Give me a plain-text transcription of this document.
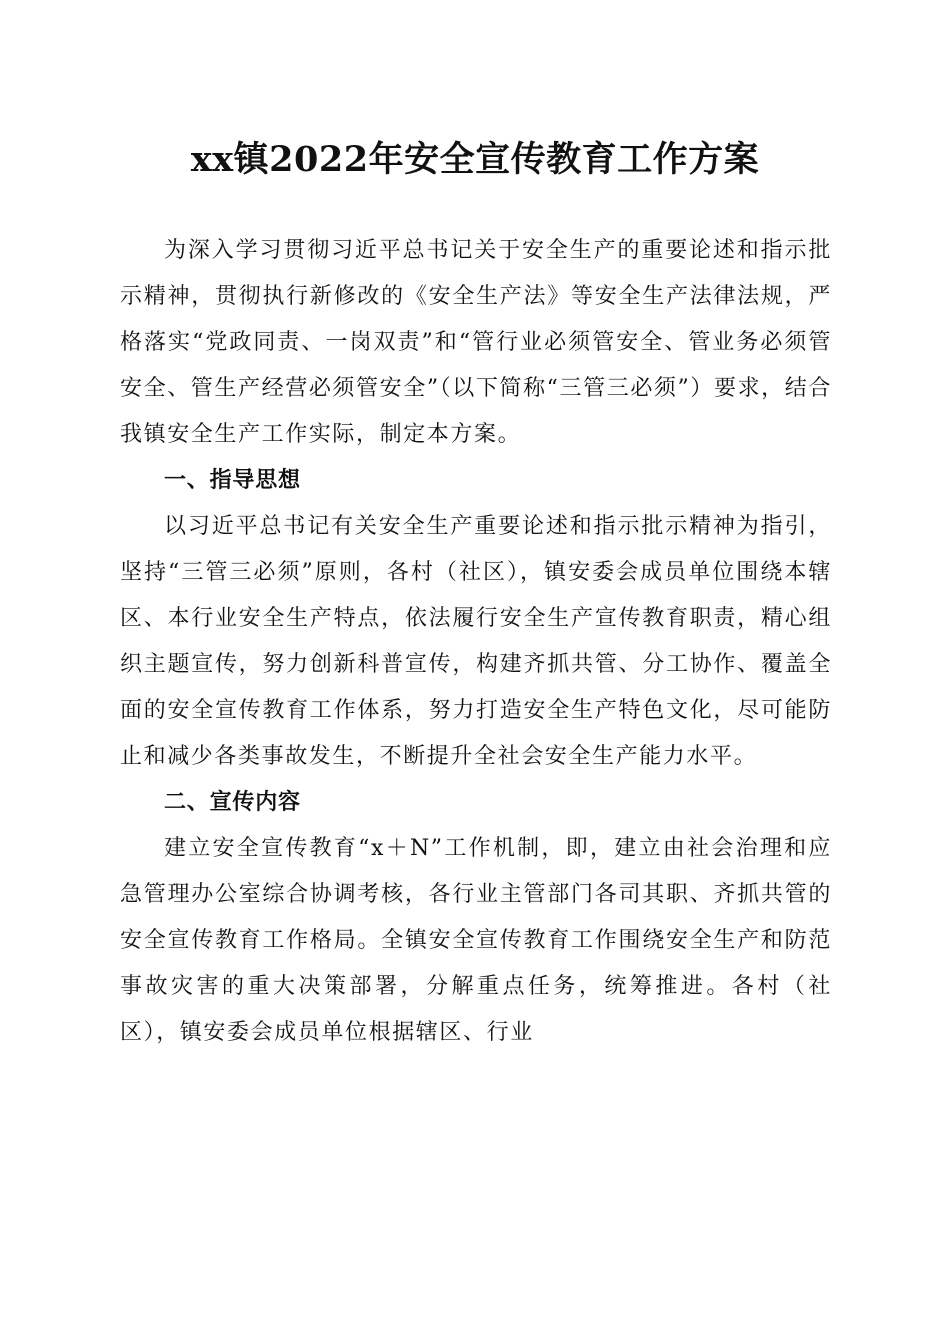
xx镇2022年安全宣传教育工作方案

为深入学习贯彻习近平总书记关于安全生产的重要论述和指示批示精神，贯彻执行新修改的《安全生产法》等安全生产法律法规，严格落实“党政同责、一岗双责”和“管行业必须管安全、管业务必须管安全、管生产经营必须管安全”（以下简称“三管三必须”）要求，结合我镇安全生产工作实际，制定本方案。

一、指导思想

以习近平总书记有关安全生产重要论述和指示批示精神为指引，坚持“三管三必须”原则，各村（社区），镇安委会成员单位围绕本辖区、本行业安全生产特点，依法履行安全生产宣传教育职责，精心组织主题宣传，努力创新科普宣传，构建齐抓共管、分工协作、覆盖全面的安全宣传教育工作体系，努力打造安全生产特色文化，尽可能防止和减少各类事故发生，不断提升全社会安全生产能力水平。

二、宣传内容

建立安全宣传教育“x＋N”工作机制，即，建立由社会治理和应急管理办公室综合协调考核，各行业主管部门各司其职、齐抓共管的安全宣传教育工作格局。全镇安全宣传教育工作围绕安全生产和防范事故灾害的重大决策部署，分解重点任务，统筹推进。各村（社区），镇安委会成员单位根据辖区、行业
